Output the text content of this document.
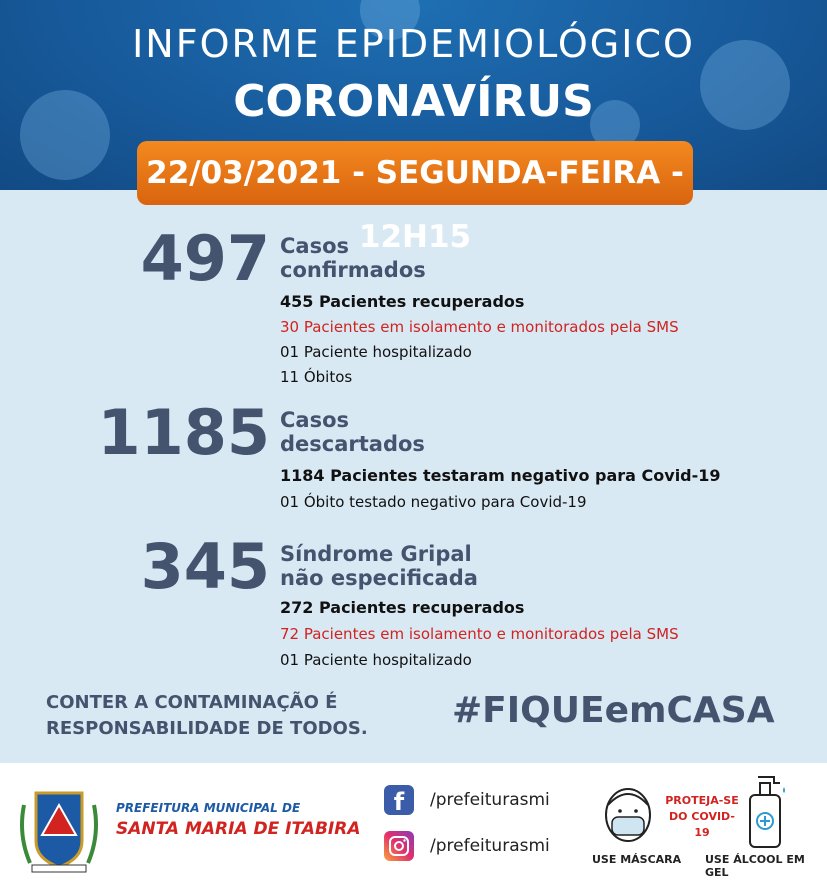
INFORME EPIDEMIOLÓGICO
CORONAVÍRUS
22/03/2021 - SEGUNDA-FEIRA - 12H15
497 Casos
confirmados
455 Pacientes recuperados
30 Pacientes em isolamento e monitorados pela SMS
01 Paciente hospitalizado
11 Óbitos
1185 Casos
descartados
1184 Pacientes testaram negativo para Covid-19
01 Óbito testado negativo para Covid-19
345 Síndrome Gripal
não especificada
272 Pacientes recuperados
72 Pacientes em isolamento e monitorados pela SMS
01 Paciente hospitalizado
CONTER A CONTAMINAÇÃO É
RESPONSABILIDADE DE TODOS. #FIQUEemCASA
PREFEITURA MUNICIPAL DE
SANTA MARIA DE ITABIRA
f	/prefeiturasmi
/prefeiturasmi
USE MÁSCARA
PROTEJA-SE
DO COVID-19
USE ÁLCOOL EM GEL
